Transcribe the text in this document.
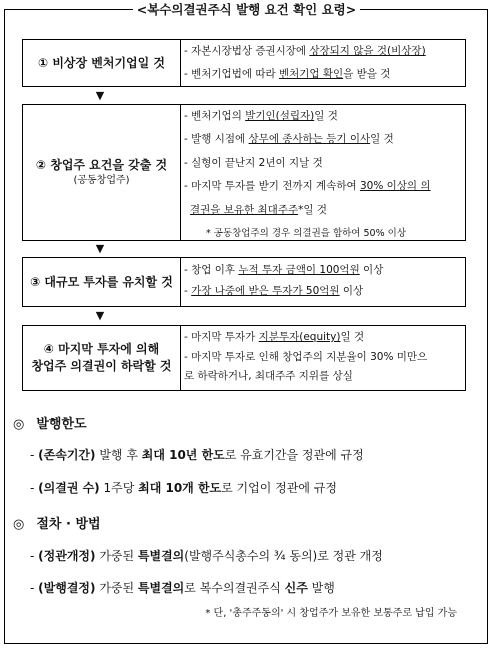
<복수의결권주식 발행 요건 확인 요령>
① 비상장 벤처기업일 것

- 자본시장법상 증권시장에 상장되지 않을 것(비상장)

- 벤처기업법에 따라 벤처기업 확인을 받을 것

▼
② 창업주 요건을 갖출 것
(공동창업주)

- 벤처기업의 발기인(설립자)일 것

- 발행 시점에 상무에 종사하는 등기 이사일 것

- 실형이 끝난지 2년이 지날 것

- 마지막 투자를 받기 전까지 계속하여 30% 이상의 의

결권을 보유한 최대주주*일 것

* 공동창업주의 경우 의결권을 합하여 50% 이상

▼
③ 대규모 투자를 유치할 것

- 창업 이후 누적 투자 금액이 100억원 이상

- 가장 나중에 받은 투자가 50억원 이상

▼
④ 마지막 투자에 의해
창업주 의결권이 하락할 것

- 마지막 투자가 지분투자(equity)일 것

- 마지막 투자로 인해 창업주의 지분율이 30% 미만으

로 하락하거나, 최대주주 지위를 상실

◎ 발행한도
- (존속기간) 발행 후 최대 10년 한도로 유효기간을 정관에 규정
- (의결권 수) 1주당 최대 10개 한도로 기업이 정관에 규정
◎ 절차 · 방법
- (정관개정) 가중된 특별결의(발행주식총수의 ¾ 동의)로 정관 개정
- (발행결정) 가중된 특별결의로 복수의결권주식 신주 발행
* 단, '총주주동의' 시 창업주가 보유한 보통주로 납입 가능
